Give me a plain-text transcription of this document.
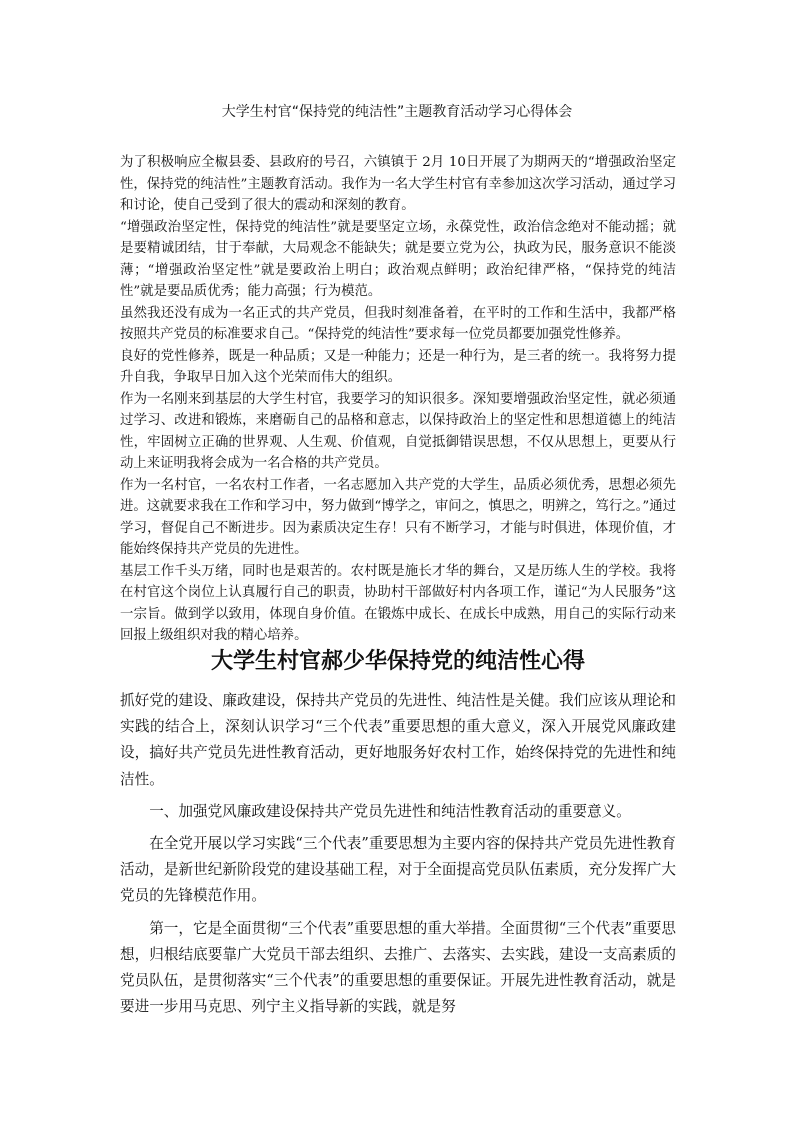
大学生村官“保持党的纯洁性”主题教育活动学习心得体会

为了积极响应全椒县委、县政府的号召，六镇镇于 2月 10日开展了为期两天的“增强政治坚定性，保持党的纯洁性”主题教育活动。我作为一名大学生村官有幸参加这次学习活动，通过学习和讨论，使自己受到了很大的震动和深刻的教育。

“增强政治坚定性，保持党的纯洁性”就是要坚定立场，永葆党性，政治信念绝对不能动摇；就是要精诚团结，甘于奉献，大局观念不能缺失；就是要立党为公，执政为民，服务意识不能淡薄；“增强政治坚定性”就是要政治上明白；政治观点鲜明；政治纪律严格，“保持党的纯洁性”就是要品质优秀；能力高强；行为模范。

虽然我还没有成为一名正式的共产党员，但我时刻准备着，在平时的工作和生活中，我都严格按照共产党员的标准要求自己。“保持党的纯洁性”要求每一位党员都要加强党性修养。

良好的党性修养，既是一种品质；又是一种能力；还是一种行为，是三者的统一。我将努力提升自我，争取早日加入这个光荣而伟大的组织。

作为一名刚来到基层的大学生村官，我要学习的知识很多。深知要增强政治坚定性，就必须通过学习、改进和锻炼，来磨砺自己的品格和意志，以保持政治上的坚定性和思想道德上的纯洁性，牢固树立正确的世界观、人生观、价值观，自觉抵御错误思想，不仅从思想上，更要从行动上来证明我将会成为一名合格的共产党员。

作为一名村官，一名农村工作者，一名志愿加入共产党的大学生，品质必须优秀，思想必须先进。这就要求我在工作和学习中，努力做到“博学之，审问之，慎思之，明辨之，笃行之。”通过学习，督促自己不断进步。因为素质决定生存！只有不断学习，才能与时俱进，体现价值，才能始终保持共产党员的先进性。

基层工作千头万绪，同时也是艰苦的。农村既是施长才华的舞台，又是历练人生的学校。我将在村官这个岗位上认真履行自己的职责，协助村干部做好村内各项工作，谨记“为人民服务”这一宗旨。做到学以致用，体现自身价值。在锻炼中成长、在成长中成熟，用自己的实际行动来回报上级组织对我的精心培养。

大学生村官郝少华保持党的纯洁性心得

抓好党的建设、廉政建设，保持共产党员的先进性、纯洁性是关健。我们应该从理论和实践的结合上，深刻认识学习“三个代表”重要思想的重大意义，深入开展党风廉政建设，搞好共产党员先进性教育活动，更好地服务好农村工作，始终保持党的先进性和纯洁性。

一、加强党风廉政建设保持共产党员先进性和纯洁性教育活动的重要意义。

在全党开展以学习实践“三个代表”重要思想为主要内容的保持共产党员先进性教育活动，是新世纪新阶段党的建设基础工程，对于全面提高党员队伍素质，充分发挥广大党员的先锋模范作用。

第一，它是全面贯彻“三个代表”重要思想的重大举措。全面贯彻“三个代表”重要思想，归根结底要靠广大党员干部去组织、去推广、去落实、去实践，建设一支高素质的党员队伍，是贯彻落实“三个代表”的重要思想的重要保证。开展先进性教育活动，就是要进一步用马克思、列宁主义指导新的实践，就是努
